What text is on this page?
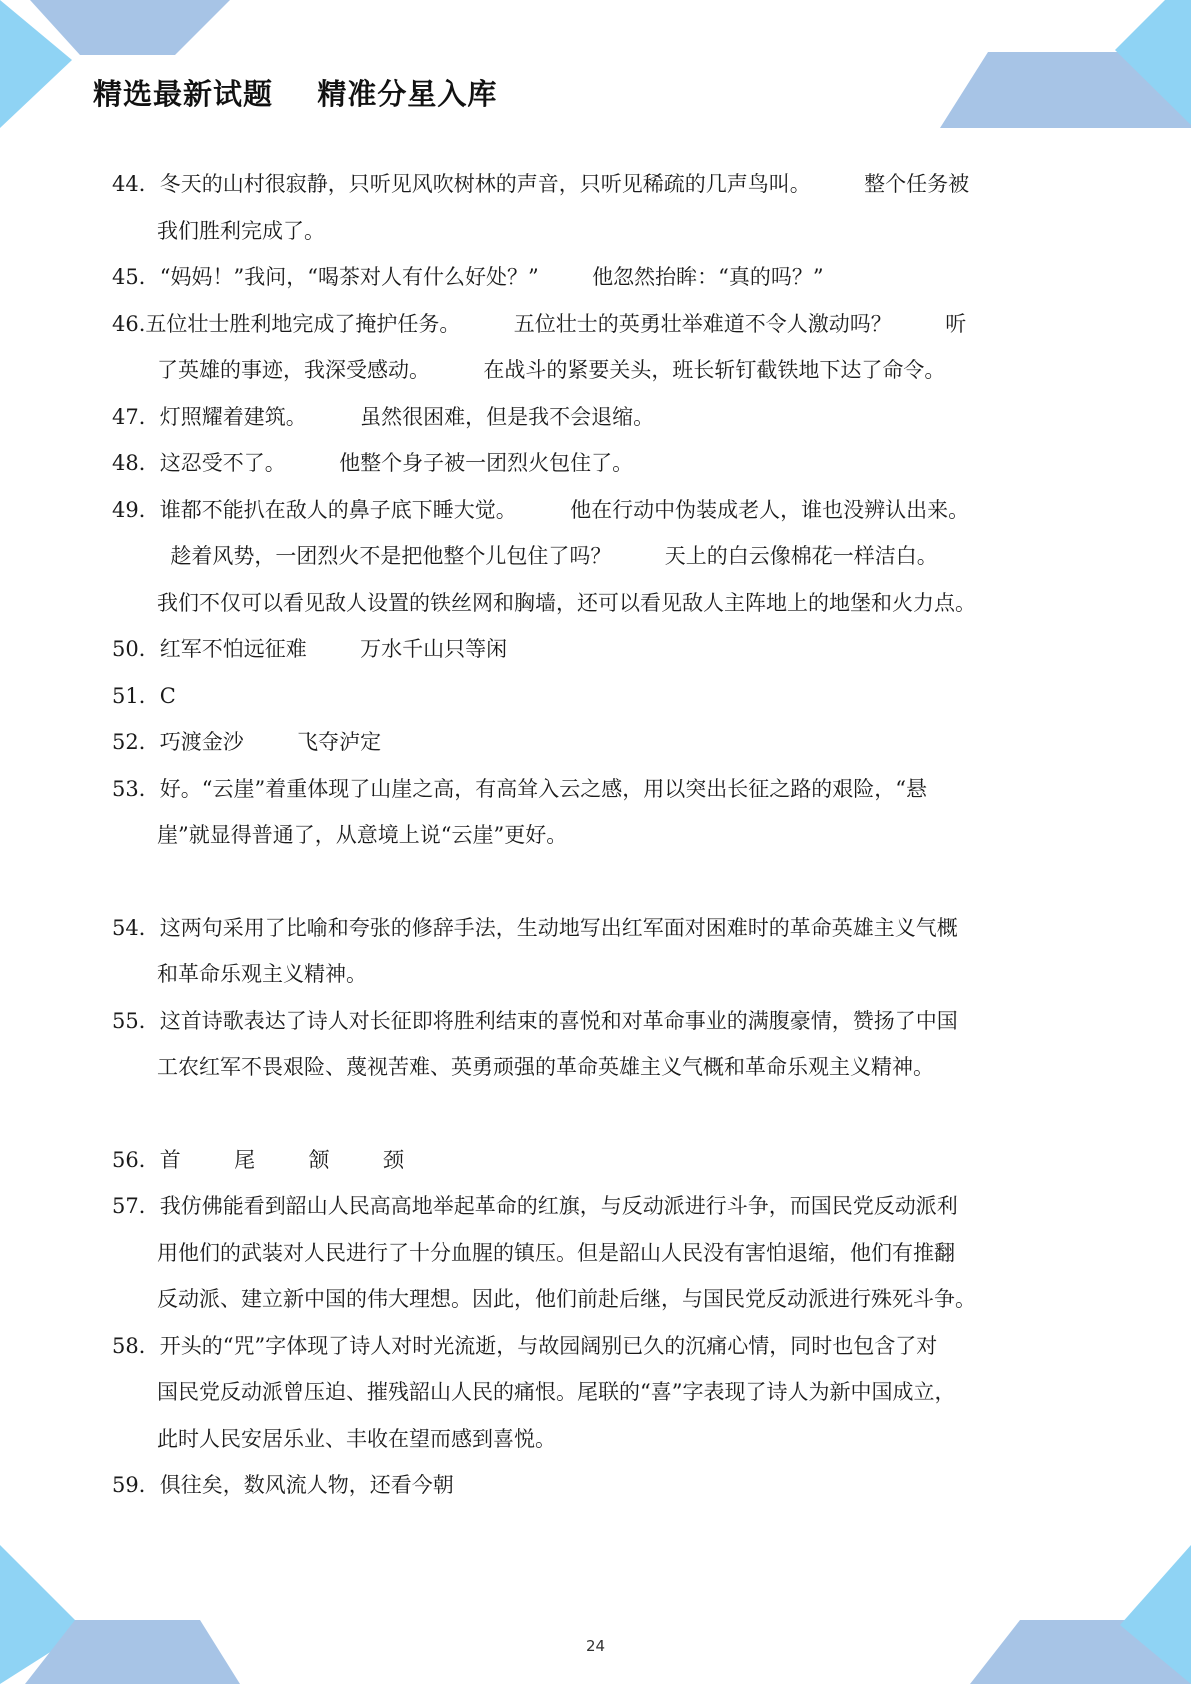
精选最新试题    精准分星入库
44． 冬天的山村很寂静，只听见风吹树林的声音，只听见稀疏的几声鸟叫。        整个任务被
我们胜利完成了。
45． “妈妈！”我问，“喝茶对人有什么好处？”        他忽然抬眸：“真的吗？”
46. 五位壮士胜利地完成了掩护任务。        五位壮士的英勇壮举难道不令人激动吗？        听
了英雄的事迹，我深受感动。        在战斗的紧要关头，班长斩钉截铁地下达了命令。
47． 灯照耀着建筑。        虽然很困难，但是我不会退缩。
48． 这忍受不了。        他整个身子被一团烈火包住了。
49． 谁都不能扒在敌人的鼻子底下睡大觉。        他在行动中伪装成老人，谁也没辨认出来。
趁着风势，一团烈火不是把他整个儿包住了吗？        天上的白云像棉花一样洁白。
我们不仅可以看见敌人设置的铁丝网和胸墙，还可以看见敌人主阵地上的地堡和火力点。
50． 红军不怕远征难        万水千山只等闲
51． C
52． 巧渡金沙        飞夺泸定
53． 好。“云崖”着重体现了山崖之高，有高耸入云之感，用以突出长征之路的艰险，“悬
崖”就显得普通了，从意境上说“云崖”更好。
54． 这两句采用了比喻和夸张的修辞手法，生动地写出红军面对困难时的革命英雄主义气概
和革命乐观主义精神。
55． 这首诗歌表达了诗人对长征即将胜利结束的喜悦和对革命事业的满腹豪情，赞扬了中国
工农红军不畏艰险、蔑视苦难、英勇顽强的革命英雄主义气概和革命乐观主义精神。
56． 首        尾        颔        颈
57． 我仿佛能看到韶山人民高高地举起革命的红旗，与反动派进行斗争，而国民党反动派利
用他们的武装对人民进行了十分血腥的镇压。但是韶山人民没有害怕退缩，他们有推翻
反动派、建立新中国的伟大理想。因此，他们前赴后继，与国民党反动派进行殊死斗争。
58． 开头的“咒”字体现了诗人对时光流逝，与故园阔别已久的沉痛心情，同时也包含了对
国民党反动派曾压迫、摧残韶山人民的痛恨。尾联的“喜”字表现了诗人为新中国成立，
此时人民安居乐业、丰收在望而感到喜悦。
59． 俱往矣，数风流人物，还看今朝
24
